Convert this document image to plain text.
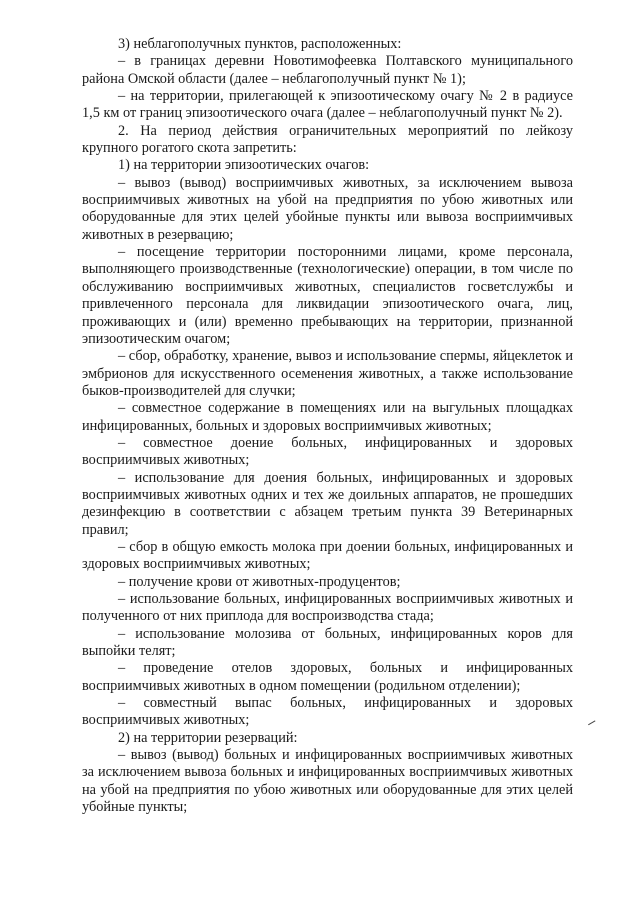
3) неблагополучных пунктов, расположенных:

– в границах деревни Новотимофеевка Полтавского муниципального района Омской области (далее – неблагополучный пункт № 1);

– на территории, прилегающей к эпизоотическому очагу № 2 в радиусе 1,5 км от границ эпизоотического очага (далее – неблагополучный пункт № 2).

2. На период действия ограничительных мероприятий по лейкозу крупного рогатого скота запретить:

1) на территории эпизоотических очагов:

– вывоз (вывод) восприимчивых животных, за исключением вывоза восприимчивых животных на убой на предприятия по убою животных или оборудованные для этих целей убойные пункты или вывоза восприимчивых животных в резервацию;

– посещение территории посторонними лицами, кроме персонала, выполняющего производственные (технологические) операции, в том числе по обслуживанию восприимчивых животных, специалистов госветслужбы и привлеченного персонала для ликвидации эпизоотического очага, лиц, проживающих и (или) временно пребывающих на территории, признанной эпизоотическим очагом;

– сбор, обработку, хранение, вывоз и использование спермы, яйцеклеток и эмбрионов для искусственного осеменения животных, а также использование быков-производителей для случки;

– совместное содержание в помещениях или на выгульных площадках инфицированных, больных и здоровых восприимчивых животных;

– совместное доение больных, инфицированных и здоровых восприимчивых животных;

– использование для доения больных, инфицированных и здоровых восприимчивых животных одних и тех же доильных аппаратов, не прошедших дезинфекцию в соответствии с абзацем третьим пункта 39 Ветеринарных правил;

– сбор в общую емкость молока при доении больных, инфицированных и здоровых восприимчивых животных;

– получение крови от животных-продуцентов;

– использование больных, инфицированных восприимчивых животных и полученного от них приплода для воспроизводства стада;

– использование молозива от больных, инфицированных коров для выпойки телят;

– проведение отелов здоровых, больных и инфицированных восприимчивых животных в одном помещении (родильном отделении);

– совместный выпас больных, инфицированных и здоровых восприимчивых животных;

2) на территории резерваций:

– вывоз (вывод) больных и инфицированных восприимчивых животных за исключением вывоза больных и инфицированных восприимчивых животных на убой на предприятия по убою животных или оборудованные для этих целей убойные пункты;
